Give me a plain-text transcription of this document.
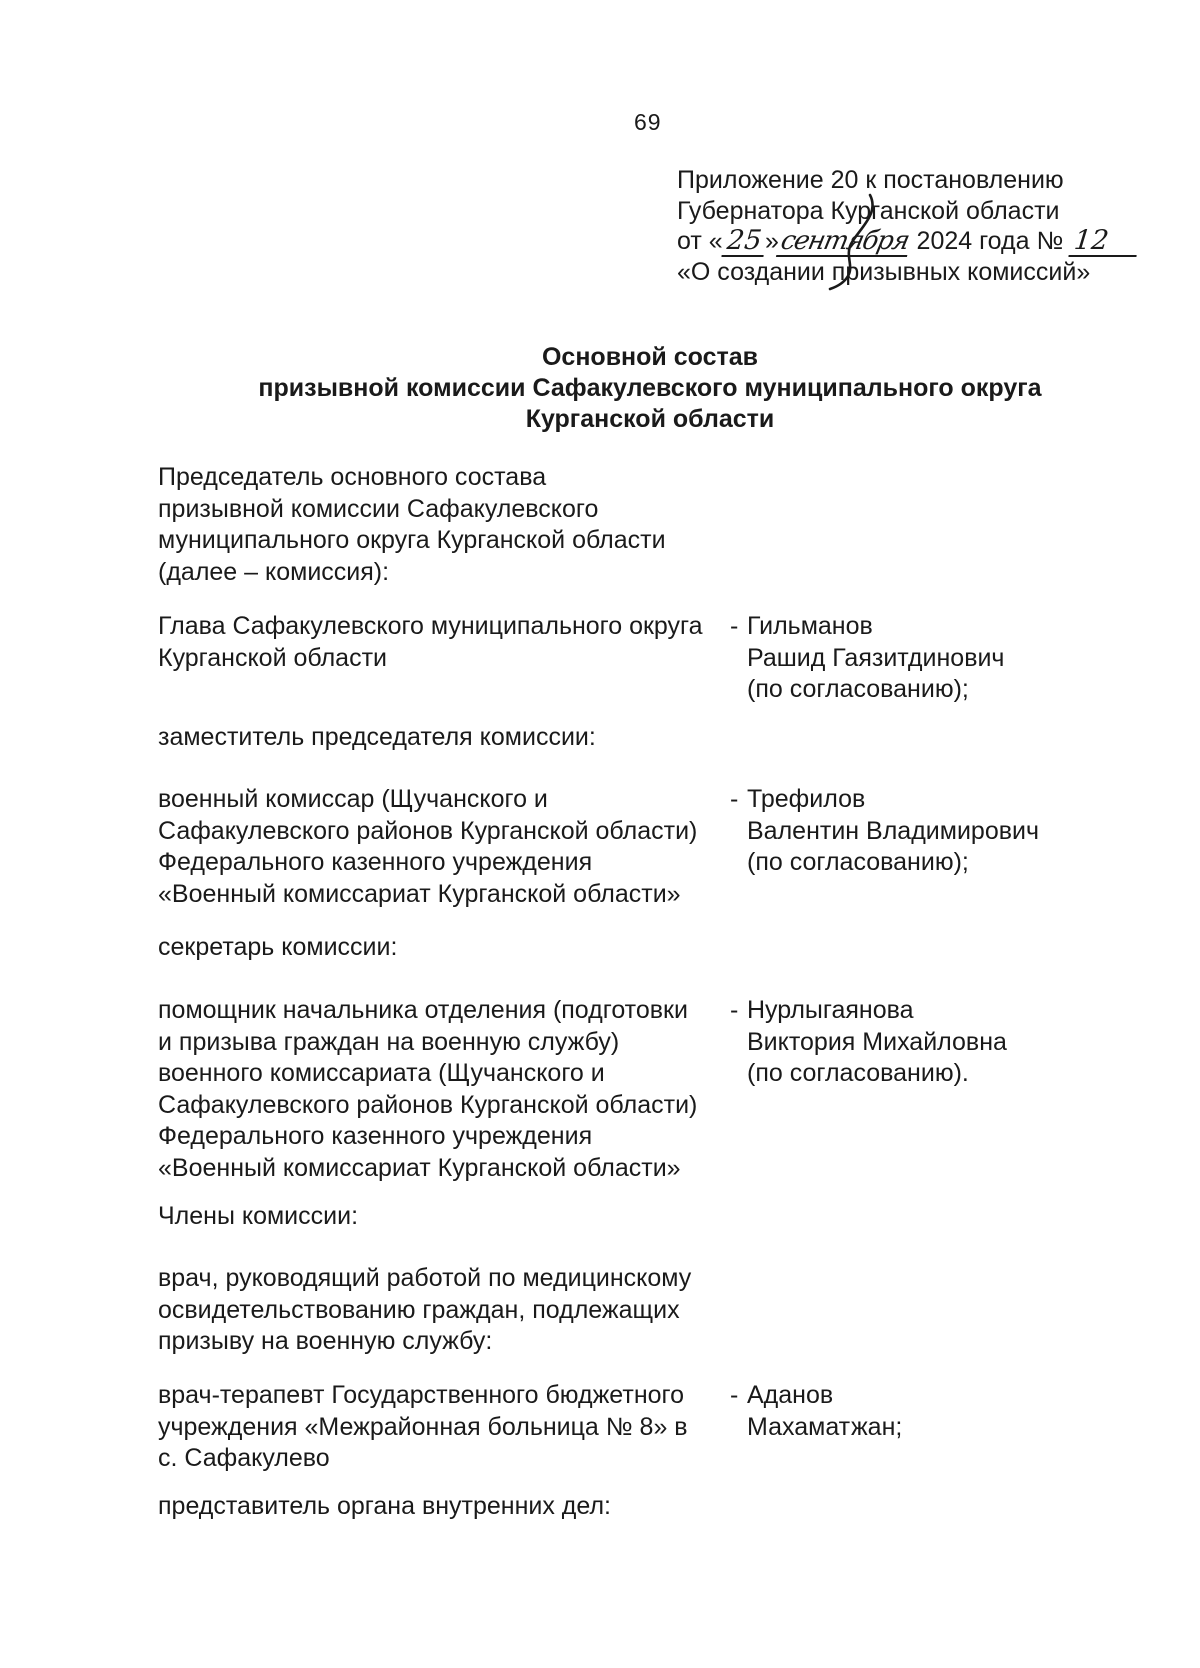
69
Приложение 20 к постановлению
Губернатора Курганской области
от «25»сентября 2024 года № 12
«О создании призывных комиссий»
Основной состав
призывной комиссии Сафакулевского муниципального округа
Курганской области
Председатель основного состава
призывной комиссии Сафакулевского
муниципального округа Курганской области
(далее – комиссия):
Глава Сафакулевского муниципального округа
Курганской области
- Гильманов
Рашид Гаязитдинович
(по согласованию);
заместитель председателя комиссии:
военный комиссар (Щучанского и
Сафакулевского районов Курганской области)
Федерального казенного учреждения
«Военный комиссариат Курганской области»
- Трефилов
Валентин Владимирович
(по согласованию);
секретарь комиссии:
помощник начальника отделения (подготовки
и призыва граждан на военную службу)
военного комиссариата (Щучанского и
Сафакулевского районов Курганской области)
Федерального казенного учреждения
«Военный комиссариат Курганской области»
- Нурлыгаянова
Виктория Михайловна
(по согласованию).
Члены комиссии:
врач, руководящий работой по медицинскому
освидетельствованию граждан, подлежащих
призыву на военную службу:
врач-терапевт Государственного бюджетного
учреждения «Межрайонная больница № 8» в
с. Сафакулево
- Аданов
Махаматжан;
представитель органа внутренних дел:
